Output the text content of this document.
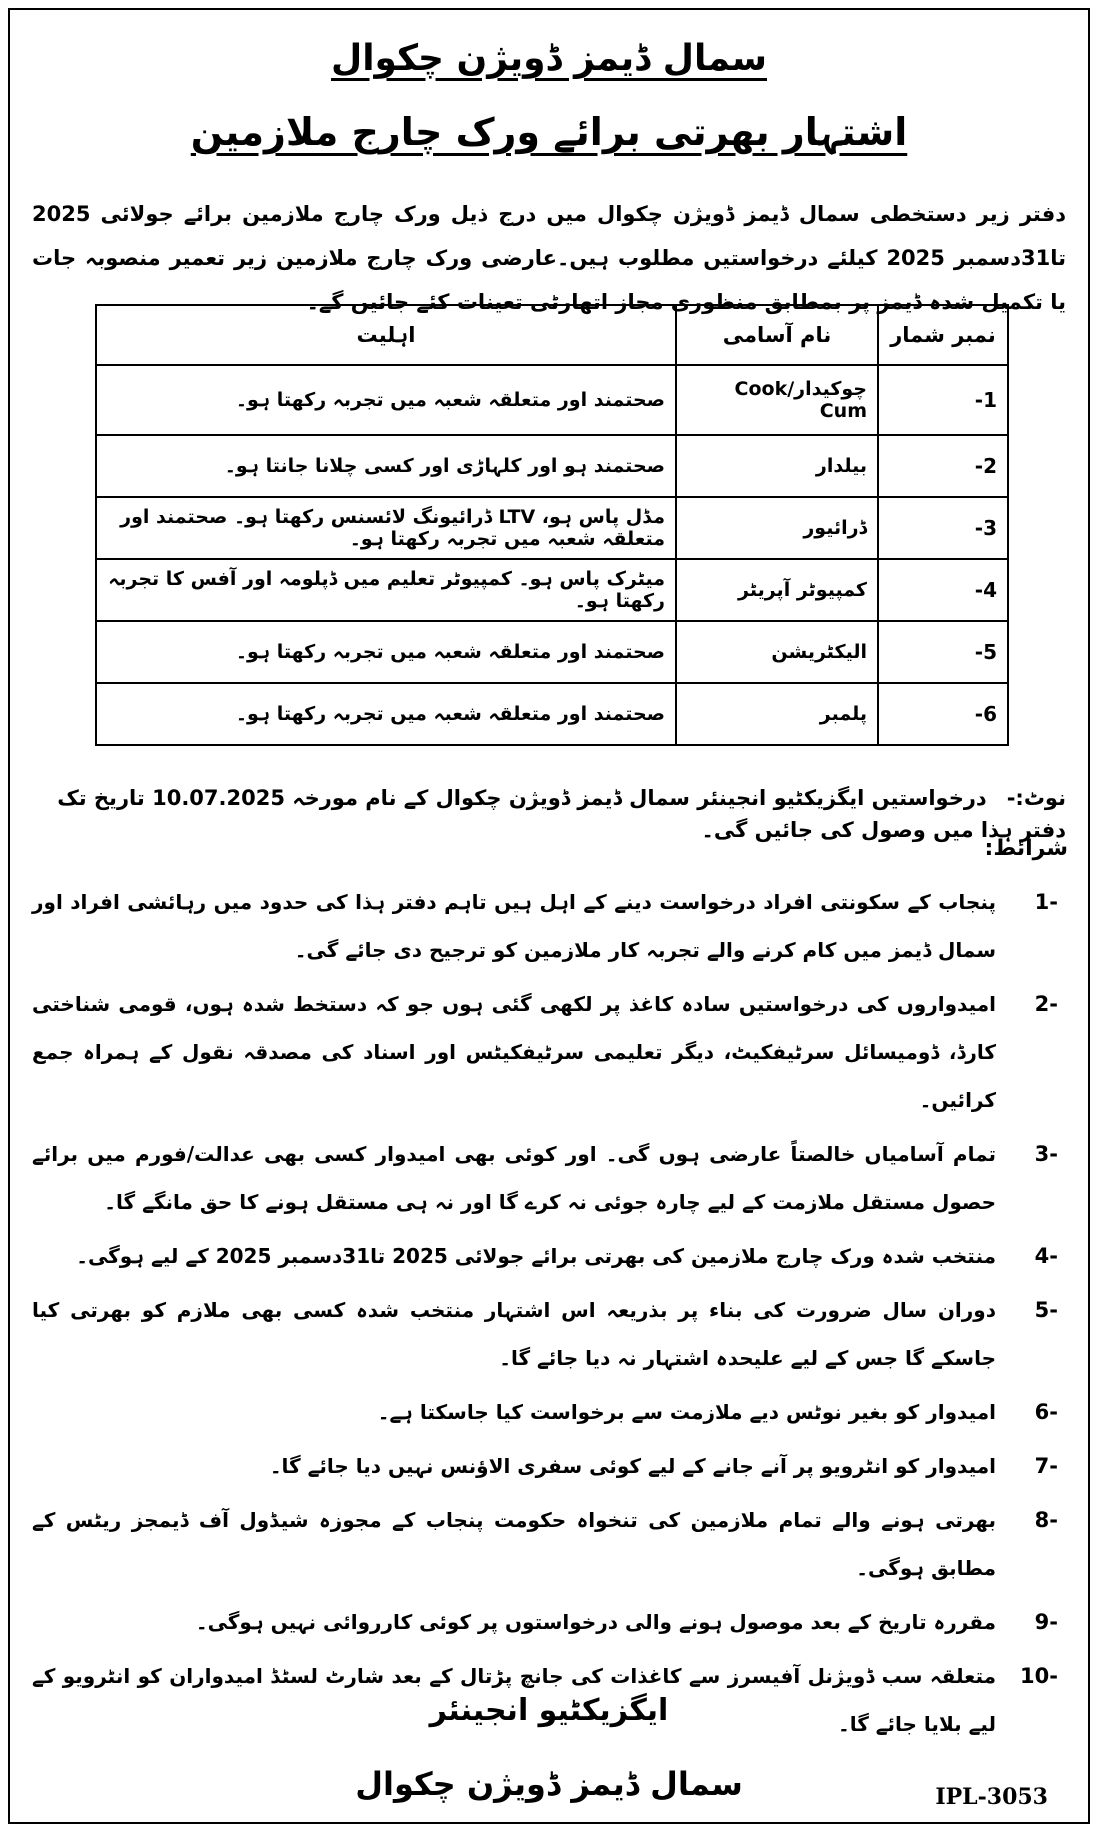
سمال ڈیمز ڈویژن چکوال
اشتہار بھرتی برائے ورک چارج ملازمین
دفتر زیر دستخطی سمال ڈیمز ڈویژن چکوال میں درج ذیل ورک چارج ملازمین برائے جولائی 2025 تا31دسمبر 2025 کیلئے درخواستیں مطلوب ہیں۔عارضی ورک چارج ملازمین زیر تعمیر منصوبہ جات یا تکمیل شدہ ڈیمز پر بمطابق منظوری مجاز اتھارٹی تعینات کئے جائیں گے۔
نمبر شمار	نام آسامی	اہلیت
1-	چوکیدار/Cook Cum	صحتمند اور متعلقہ شعبہ میں تجربہ رکھتا ہو۔
2-	بیلدار	صحتمند ہو اور کلہاڑی اور کسی چلانا جانتا ہو۔
3-	ڈرائیور	مڈل پاس ہو، LTV ڈرائیونگ لائسنس رکھتا ہو۔ صحتمند اور متعلقہ شعبہ میں تجربہ رکھتا ہو۔
4-	کمپیوٹر آپریٹر	میٹرک پاس ہو۔ کمپیوٹر تعلیم میں ڈپلومہ اور آفس کا تجربہ رکھتا ہو۔
5-	الیکٹریشن	صحتمند اور متعلقہ شعبہ میں تجربہ رکھتا ہو۔
6-	پلمبر	صحتمند اور متعلقہ شعبہ میں تجربہ رکھتا ہو۔
نوٹ:-درخواستیں ایگزیکٹیو انجینئر سمال ڈیمز ڈویژن چکوال کے نام مورخہ 10.07.2025 تاریخ تک دفتر ہذا میں وصول کی جائیں گی۔
شرائط:
1-
پنجاب کے سکونتی افراد درخواست دینے کے اہل ہیں تاہم دفتر ہذا کی حدود میں رہائشی افراد اور سمال ڈیمز میں کام کرنے والے تجربہ کار ملازمین کو ترجیح دی جائے گی۔
2-
امیدواروں کی درخواستیں سادہ کاغذ پر لکھی گئی ہوں جو کہ دستخط شدہ ہوں، قومی شناختی کارڈ، ڈومیسائل سرٹیفکیٹ، دیگر تعلیمی سرٹیفکیٹس اور اسناد کی مصدقہ نقول کے ہمراہ جمع کرائیں۔
3-
تمام آسامیاں خالصتاً عارضی ہوں گی۔ اور کوئی بھی امیدوار کسی بھی عدالت/فورم میں برائے حصول مستقل ملازمت کے لیے چارہ جوئی نہ کرے گا اور نہ ہی مستقل ہونے کا حق مانگے گا۔
4-
منتخب شدہ ورک چارج ملازمین کی بھرتی برائے جولائی 2025 تا31دسمبر 2025 کے لیے ہوگی۔
5-
دوران سال ضرورت کی بناء پر بذریعہ اس اشتہار منتخب شدہ کسی بھی ملازم کو بھرتی کیا جاسکے گا جس کے لیے علیحدہ اشتہار نہ دیا جائے گا۔
6-
امیدوار کو بغیر نوٹس دیے ملازمت سے برخواست کیا جاسکتا ہے۔
7-
امیدوار کو انٹرویو پر آنے جانے کے لیے کوئی سفری الاؤنس نہیں دیا جائے گا۔
8-
بھرتی ہونے والے تمام ملازمین کی تنخواہ حکومت پنجاب کے مجوزہ شیڈول آف ڈیمجز ریٹس کے مطابق ہوگی۔
9-
مقررہ تاریخ کے بعد موصول ہونے والی درخواستوں پر کوئی کارروائی نہیں ہوگی۔
10-
متعلقہ سب ڈویژنل آفیسرز سے کاغذات کی جانچ پڑتال کے بعد شارٹ لسٹڈ امیدواران کو انٹرویو کے لیے بلایا جائے گا۔
ایگزیکٹیو انجینئر
سمال ڈیمز ڈویژن چکوال	IPL-3053
